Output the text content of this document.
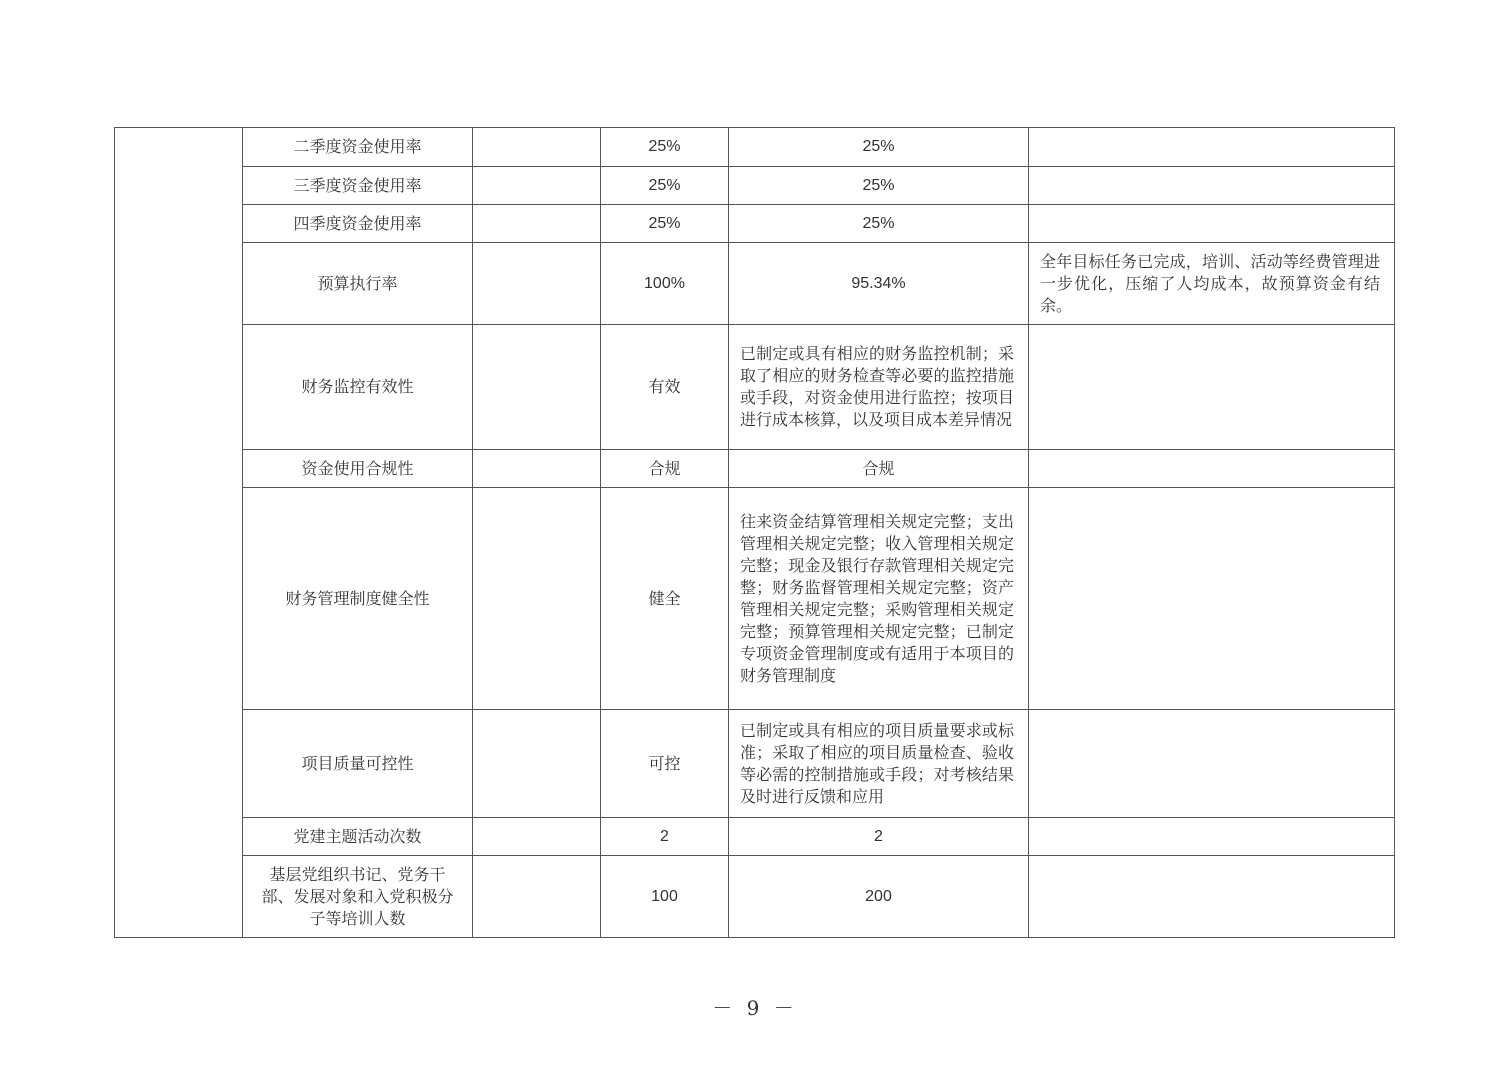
	二季度资金使用率		25%	25%	
	三季度资金使用率		25%	25%	
	四季度资金使用率		25%	25%	
	预算执行率		100%	95.34%	全年目标任务已完成，培训、活动等经费管理进一步优化，压缩了人均成本，故预算资金有结余。
	财务监控有效性		有效	已制定或具有相应的财务监控机制；采取了相应的财务检查等必要的监控措施或手段，对资金使用进行监控；按项目进行成本核算，以及项目成本差异情况	
	资金使用合规性		合规	合规	
	财务管理制度健全性		健全	往来资金结算管理相关规定完整；支出管理相关规定完整；收入管理相关规定完整；现金及银行存款管理相关规定完整；财务监督管理相关规定完整；资产管理相关规定完整；采购管理相关规定完整；预算管理相关规定完整；已制定专项资金管理制度或有适用于本项目的财务管理制度	
	项目质量可控性		可控	已制定或具有相应的项目质量要求或标准；采取了相应的项目质量检查、验收等必需的控制措施或手段；对考核结果及时进行反馈和应用	
	党建主题活动次数		2	2	
	基层党组织书记、党务干部、发展对象和入党积极分子等培训人数		100	200	
－ 9 －
